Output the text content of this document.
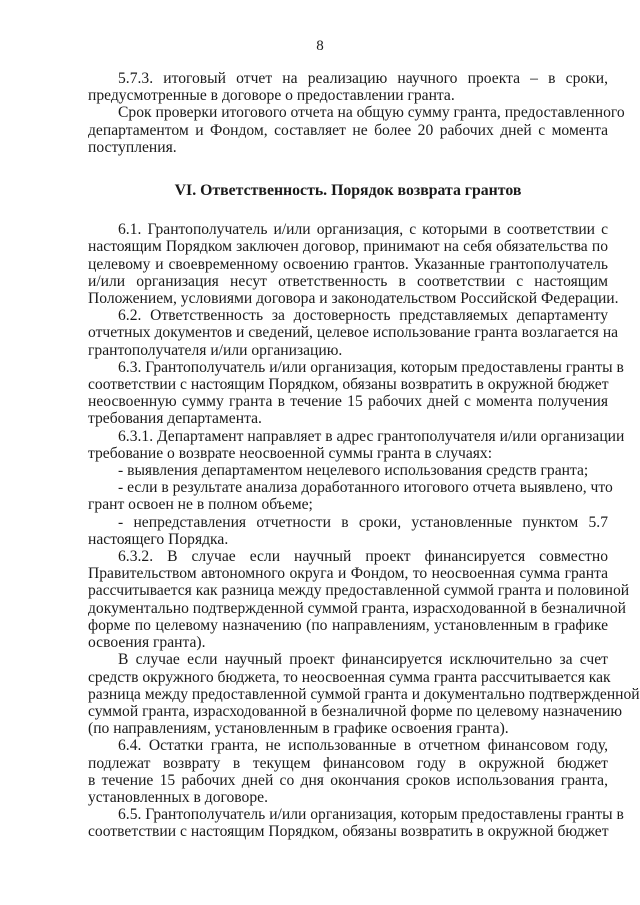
8
5.7.3. итоговый отчет на реализацию научного проекта – в сроки,
предусмотренные в договоре о предоставлении гранта.
Срок проверки итогового отчета на общую сумму гранта, предоставленного
департаментом и Фондом, составляет не более 20 рабочих дней с момента
поступления.
VI. Ответственность. Порядок возврата грантов
6.1. Грантополучатель и/или организация, с которыми в соответствии с
настоящим Порядком заключен договор, принимают на себя обязательства по
целевому и своевременному освоению грантов. Указанные грантополучатель
и/или организация несут ответственность в соответствии с настоящим
Положением, условиями договора и законодательством Российской Федерации.
6.2. Ответственность за достоверность представляемых департаменту
отчетных документов и сведений, целевое использование гранта возлагается на
грантополучателя и/или организацию.
6.3. Грантополучатель и/или организация, которым предоставлены гранты в
соответствии с настоящим Порядком, обязаны возвратить в окружной бюджет
неосвоенную сумму гранта в течение 15 рабочих дней с момента получения
требования департамента.
6.3.1. Департамент направляет в адрес грантополучателя и/или организации
требование о возврате неосвоенной суммы гранта в случаях:
- выявления департаментом нецелевого использования средств гранта;
- если в результате анализа доработанного итогового отчета выявлено, что
грант освоен не в полном объеме;
- непредставления отчетности в сроки, установленные пунктом 5.7
настоящего Порядка.
6.3.2. В случае если научный проект финансируется совместно
Правительством автономного округа и Фондом, то неосвоенная сумма гранта
рассчитывается как разница между предоставленной суммой гранта и половиной
документально подтвержденной суммой гранта, израсходованной в безналичной
форме по целевому назначению (по направлениям, установленным в графике
освоения гранта).
В случае если научный проект финансируется исключительно за счет
средств окружного бюджета, то неосвоенная сумма гранта рассчитывается как
разница между предоставленной суммой гранта и документально подтвержденной
суммой гранта, израсходованной в безналичной форме по целевому назначению
(по направлениям, установленным в графике освоения гранта).
6.4. Остатки гранта, не использованные в отчетном финансовом году,
подлежат возврату в текущем финансовом году в окружной бюджет
в течение 15 рабочих дней со дня окончания сроков использования гранта,
установленных в договоре.
6.5. Грантополучатель и/или организация, которым предоставлены гранты в
соответствии с настоящим Порядком, обязаны возвратить в окружной бюджет
